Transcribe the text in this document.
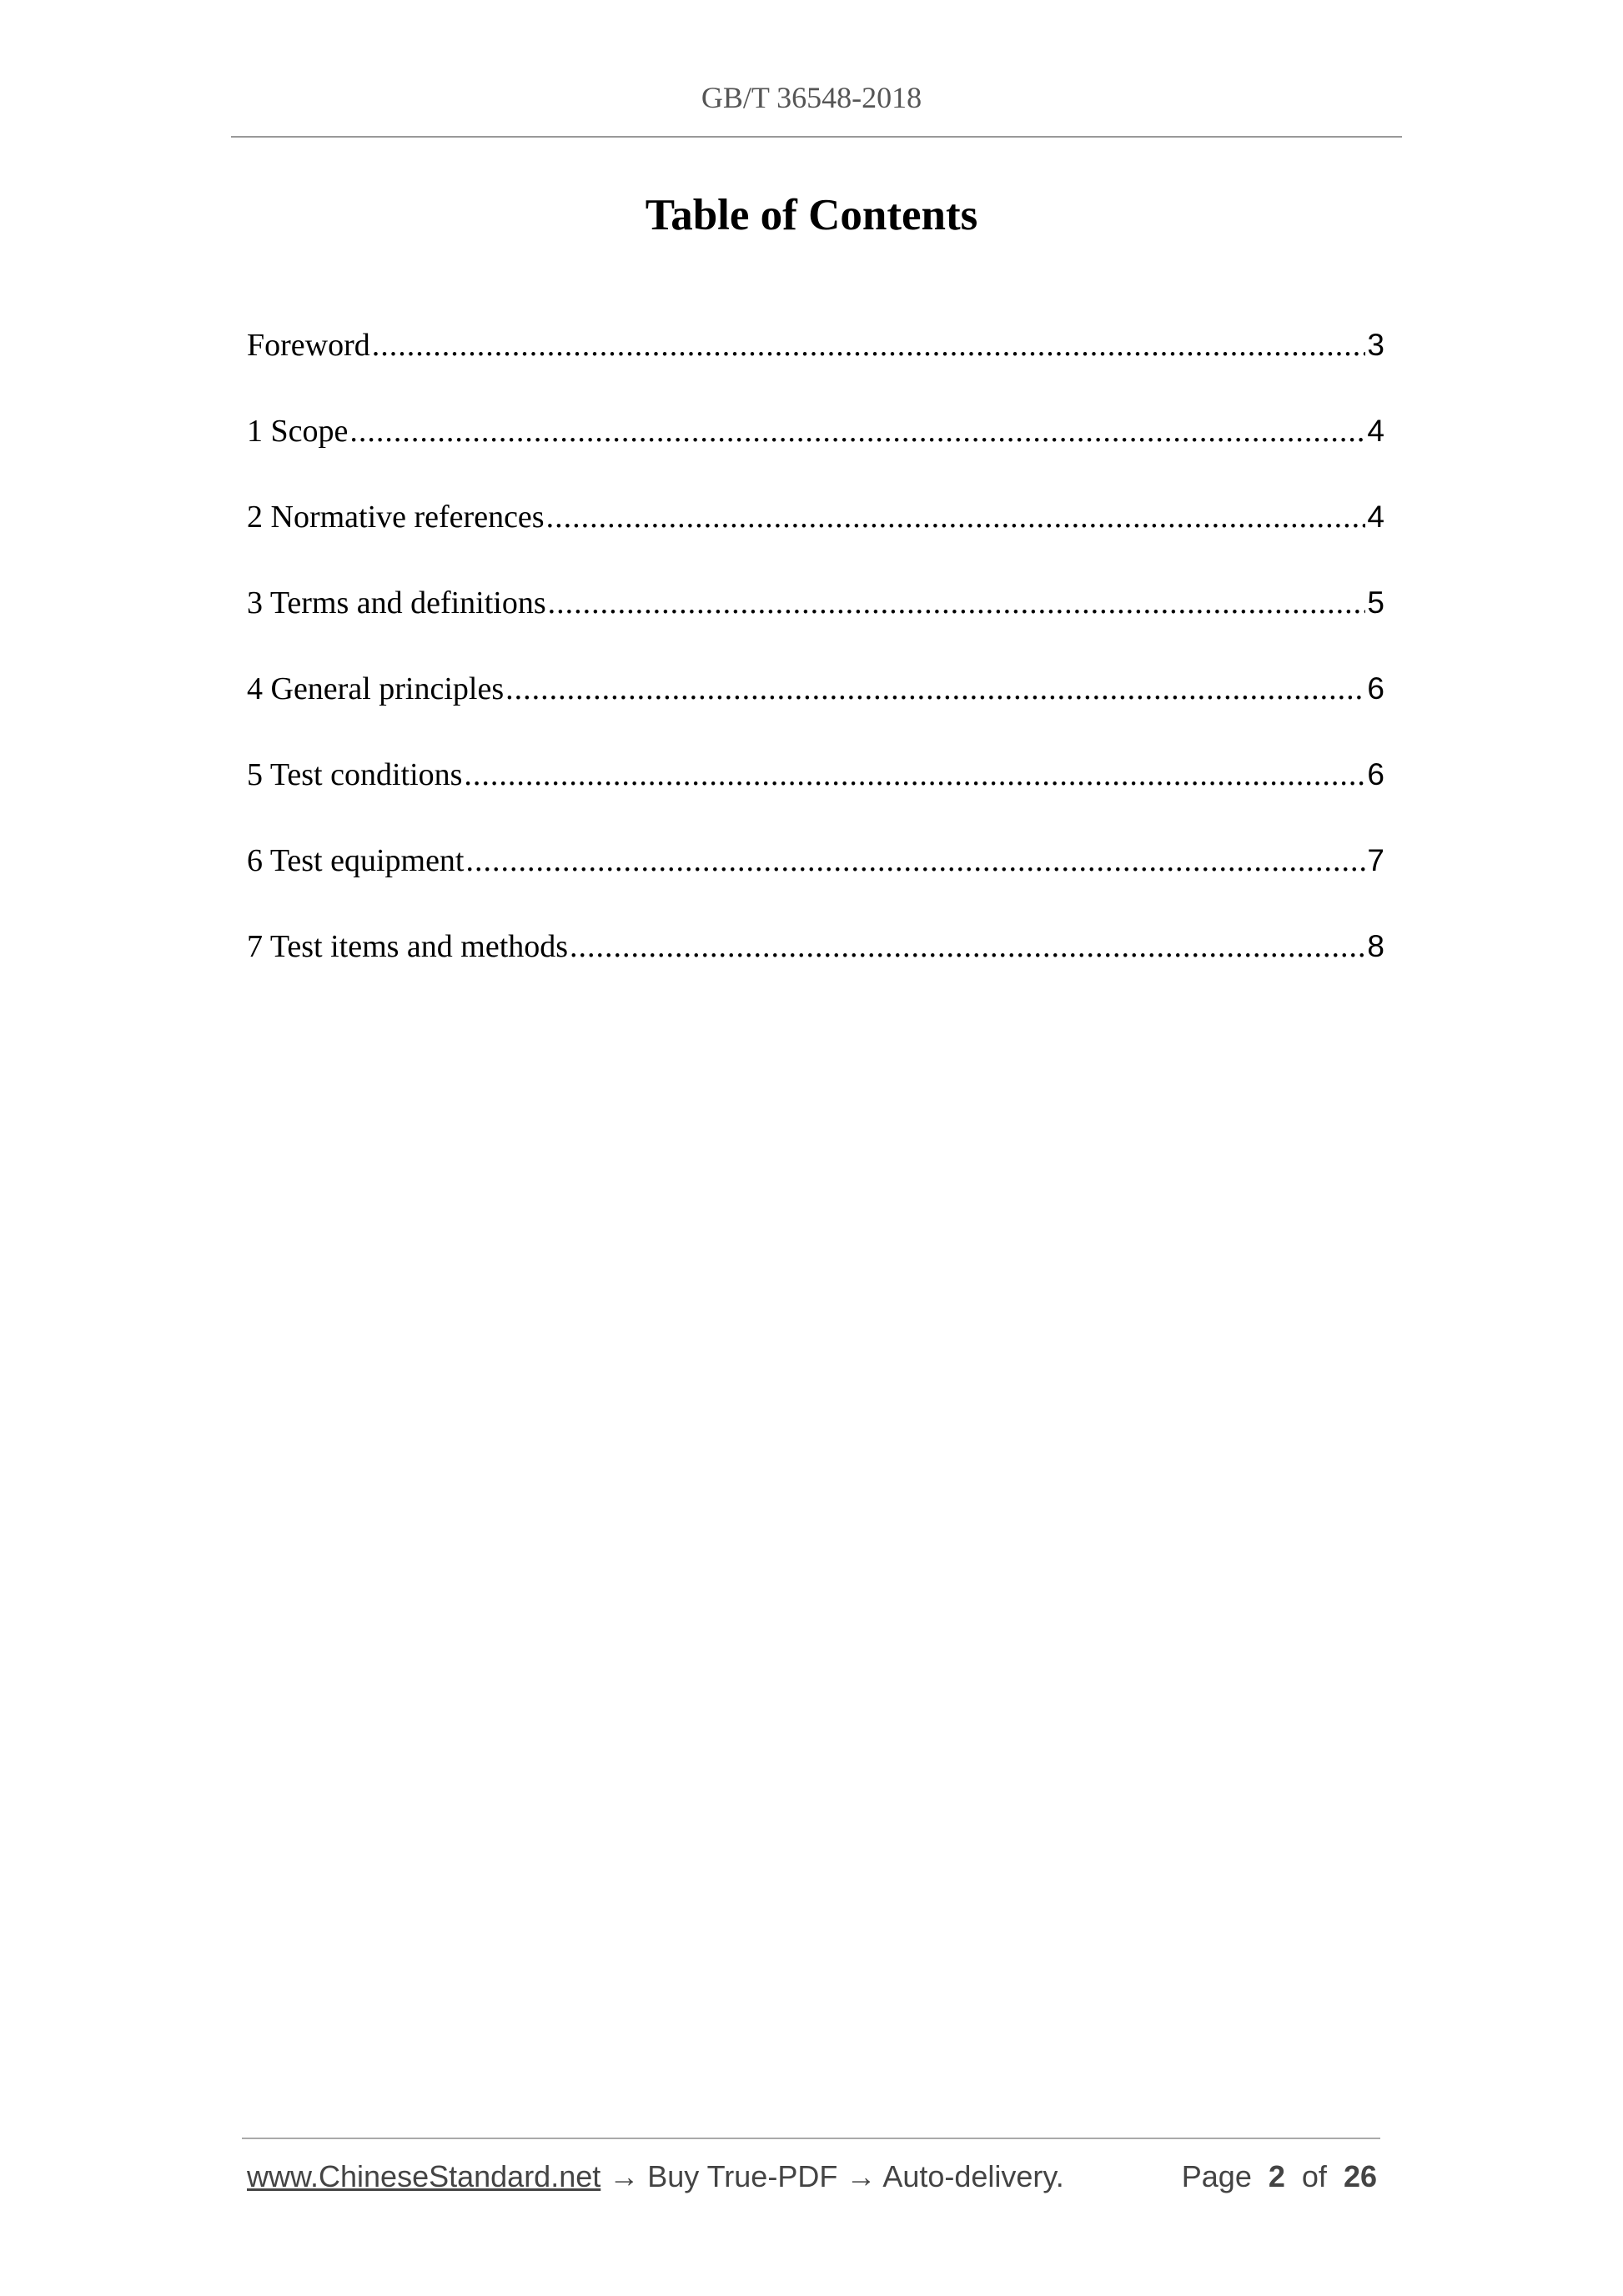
GB/T 36548-2018
Table of Contents
Foreword .....	3
1 Scope .....	4
2 Normative references .....	4
3 Terms and definitions .....	5
4 General principles .....	6
5 Test conditions .....	6
6 Test equipment .....	7
7 Test items and methods .....	8
www.ChineseStandard.net → Buy True-PDF → Auto-delivery.	Page 2 of 26
